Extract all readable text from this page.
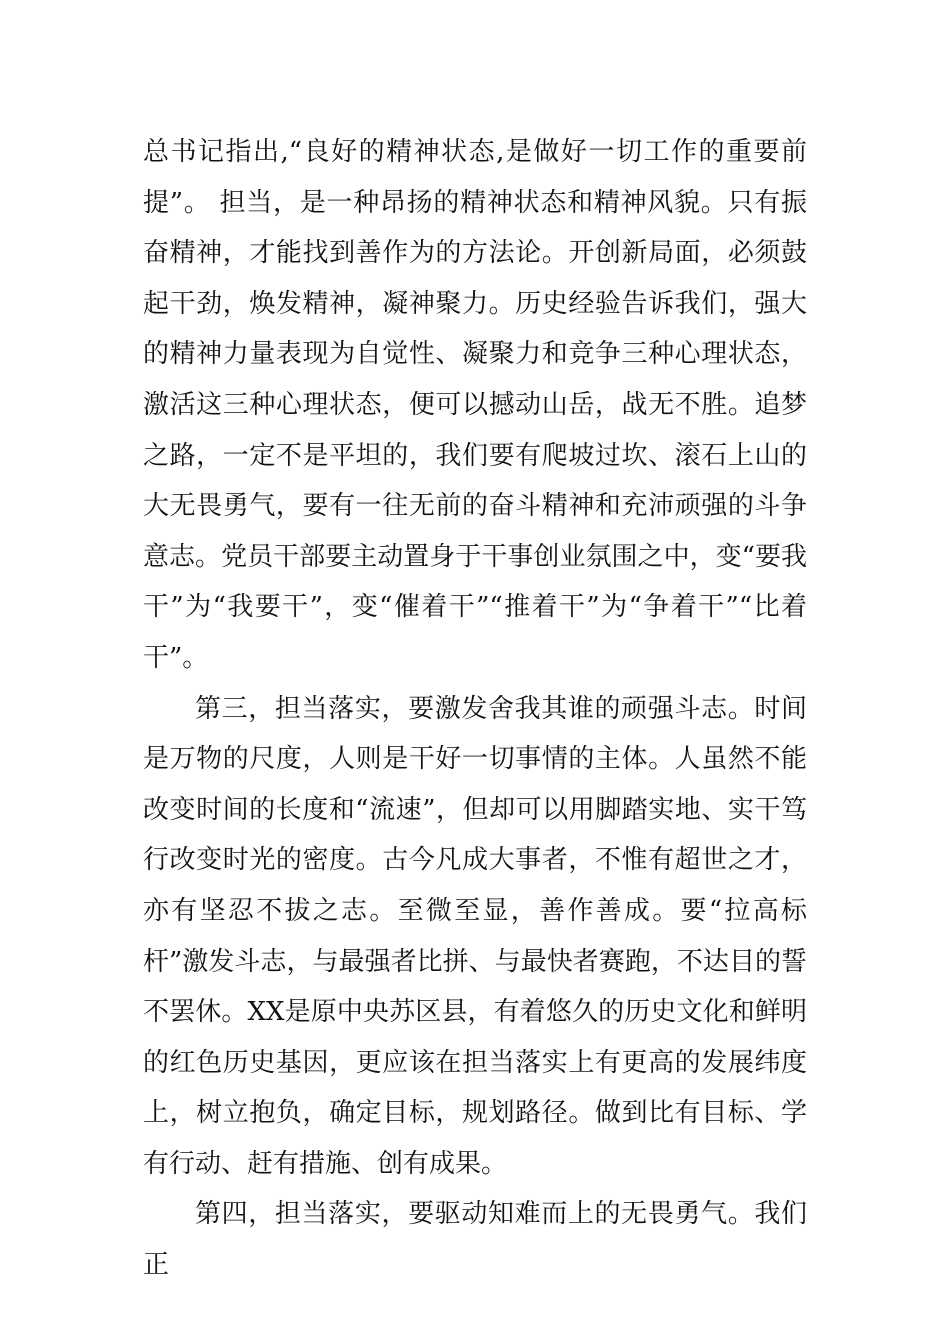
总书记指出,“良好的精神状态,是做好一切工作的重要前提”。 担当，是一种昂扬的精神状态和精神风貌。只有振奋精神，才能找到善作为的方法论。开创新局面，必须鼓起干劲，焕发精神，凝神聚力。历史经验告诉我们，强大的精神力量表现为自觉性、凝聚力和竞争三种心理状态，激活这三种心理状态，便可以撼动山岳，战无不胜。追梦之路，一定不是平坦的，我们要有爬坡过坎、滚石上山的大无畏勇气，要有一往无前的奋斗精神和充沛顽强的斗争意志。党员干部要主动置身于干事创业氛围之中，变“要我干”为“我要干”，变“催着干”“推着干”为“争着干”“比着干”。

第三，担当落实，要激发舍我其谁的顽强斗志。时间是万物的尺度，人则是干好一切事情的主体。人虽然不能改变时间的长度和“流速”，但却可以用脚踏实地、实干笃行改变时光的密度。古今凡成大事者，不惟有超世之才，亦有坚忍不拔之志。至微至显，善作善成。要“拉高标杆”激发斗志，与最强者比拼、与最快者赛跑，不达目的誓不罢休。XX是原中央苏区县，有着悠久的历史文化和鲜明的红色历史基因，更应该在担当落实上有更高的发展纬度上，树立抱负，确定目标，规划路径。做到比有目标、学有行动、赶有措施、创有成果。

第四，担当落实，要驱动知难而上的无畏勇气。我们正
